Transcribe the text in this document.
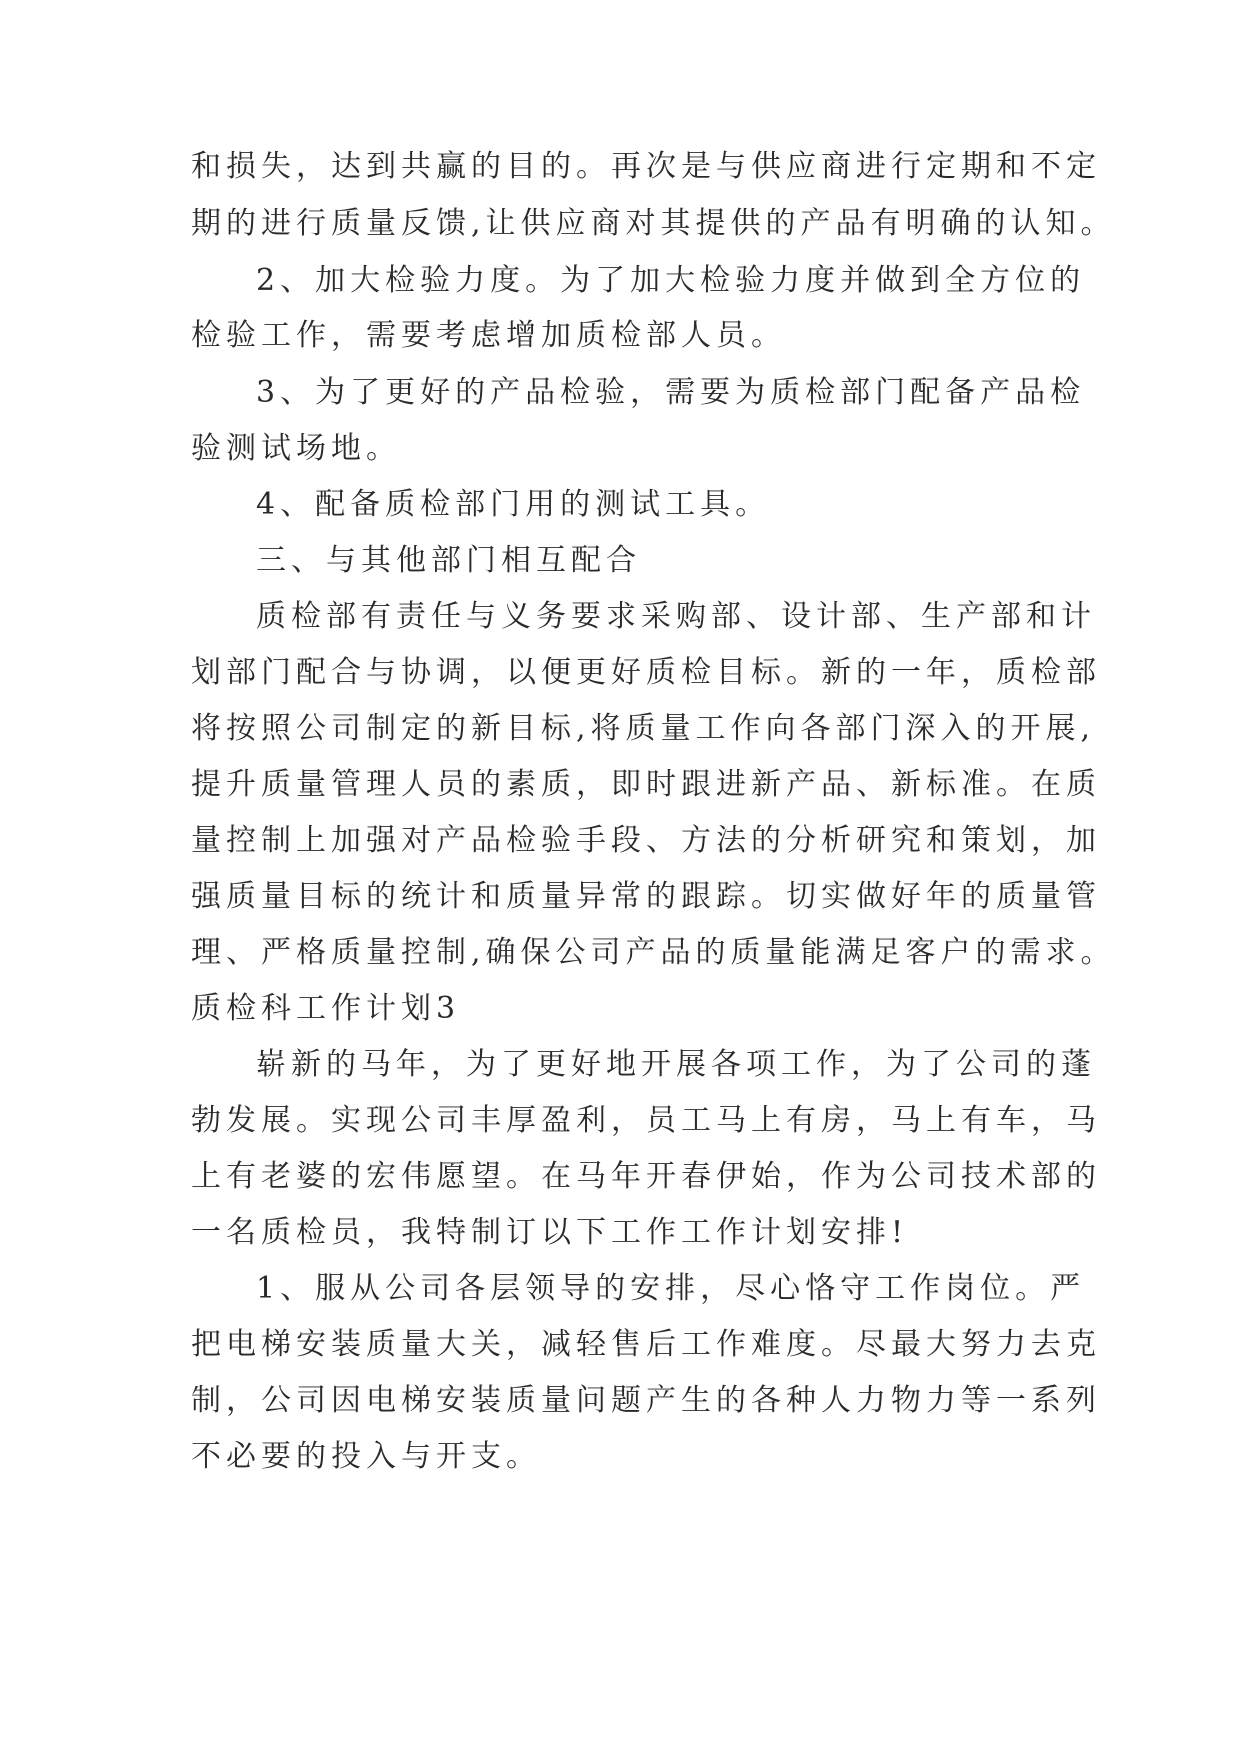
和损失，达到共赢的目的。再次是与供应商进行定期和不定
期的进行质量反馈,让供应商对其提供的产品有明确的认知。
2、加大检验力度。为了加大检验力度并做到全方位的
检验工作，需要考虑增加质检部人员。
3、为了更好的产品检验，需要为质检部门配备产品检
验测试场地。
4、配备质检部门用的测试工具。
三、与其他部门相互配合
质检部有责任与义务要求采购部、设计部、生产部和计
划部门配合与协调，以便更好质检目标。新的一年，质检部
将按照公司制定的新目标,将质量工作向各部门深入的开展,
提升质量管理人员的素质，即时跟进新产品、新标准。在质
量控制上加强对产品检验手段、方法的分析研究和策划，加
强质量目标的统计和质量异常的跟踪。切实做好年的质量管
理、严格质量控制,确保公司产品的质量能满足客户的需求。
质检科工作计划3
崭新的马年，为了更好地开展各项工作，为了公司的蓬
勃发展。实现公司丰厚盈利，员工马上有房，马上有车，马
上有老婆的宏伟愿望。在马年开春伊始，作为公司技术部的
一名质检员，我特制订以下工作工作计划安排!
1、服从公司各层领导的安排，尽心恪守工作岗位。严
把电梯安装质量大关，减轻售后工作难度。尽最大努力去克
制，公司因电梯安装质量问题产生的各种人力物力等一系列
不必要的投入与开支。
